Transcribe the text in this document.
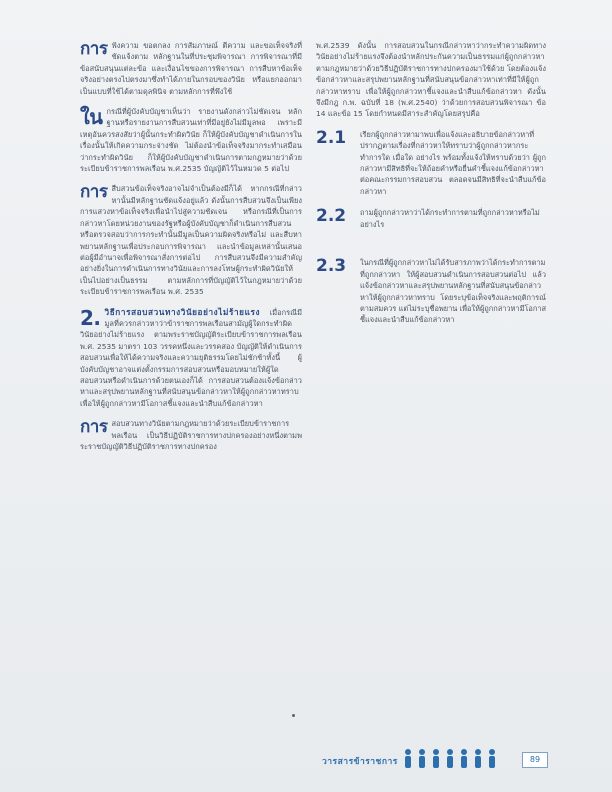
การ ฟังความ ขอตกลง การสัมภาษณ์ ตีความ และขอเท็จจริงที่ชัดแจ้งตาม หลักฐานในที่ประชุมพิจารณา การพิจารณาที่มีข้อสนับสนุนแต่ละข้อ และเงื่อนไขของการพิจารณา การสืบหาข้อเท็จจริงอย่างตรงไปตรงมาซึ่งทำได้ภายในกรอบของวินัย หรือแยกออกมาเป็นแบบที่ใช้ได้ตามดุลพินิจ ตามหลักการที่พึงใช้

ใน กรณีที่ผู้บังคับบัญชาเห็นว่า รายงานดังกล่าวไม่ชัดเจน หลักฐานหรือรายงานการสืบสวนเท่าที่มีอยู่ยังไม่มีมูลพอ เพราะมีเหตุอันควรสงสัยว่าผู้นั้นกระทำผิดวินัย ก็ให้ผู้บังคับบัญชาดำเนินการในเรื่องนั้นให้เกิดความกระจ่างชัด ไม่ต้องนำข้อเท็จจริงมากระทำเสมือนว่ากระทำผิดวินัย ก็ให้ผู้บังคับบัญชาดำเนินการตามกฎหมายว่าด้วยระเบียบข้าราชการพลเรือน พ.ศ.2535 บัญญัติไว้ในหมวด 5 ต่อไป

การ สืบสวนข้อเท็จจริงอาจไม่จำเป็นต้องมีก็ได้ หากกรณีที่กล่าวหานั้นมีหลักฐานชัดแจ้งอยู่แล้ว ดังนั้นการสืบสวนจึงเป็นเพียงการแสวงหาข้อเท็จจริงเพื่อนำไปสู่ความชัดเจน หรือกรณีที่เป็นการกล่าวหาโดยหน่วยงานของรัฐหรือผู้บังคับบัญชาก็ดำเนินการสืบสวนหรือตรวจสอบว่าการกระทำนั้นมีมูลเป็นความผิดจริงหรือไม่ และสืบหาพยานหลักฐานเพื่อประกอบการพิจารณา และนำข้อมูลเหล่านั้นเสนอต่อผู้มีอำนาจเพื่อพิจารณาสั่งการต่อไป การสืบสวนจึงมีความสำคัญอย่างยิ่งในการดำเนินการทางวินัยและการลงโทษผู้กระทำผิดวินัยให้เป็นไปอย่างเป็นธรรม ตามหลักการที่บัญญัติไว้ในกฎหมายว่าด้วยระเบียบข้าราชการพลเรือน พ.ศ. 2535

2. วิธีการสอบสวนทางวินัยอย่างไม่ร้ายแรง เมื่อกรณีมีมูลที่ควรกล่าวหาว่าข้าราชการพลเรือนสามัญผู้ใดกระทำผิดวินัยอย่างไม่ร้ายแรง ตามพระราชบัญญัติระเบียบข้าราชการพลเรือน พ.ศ. 2535 มาตรา 103 วรรคหนึ่งและวรรคสอง บัญญัติให้ดำเนินการสอบสวนเพื่อให้ได้ความจริงและความยุติธรรมโดยไม่ชักช้าทั้งนี้ ผู้บังคับบัญชาอาจแต่งตั้งกรรมการสอบสวนหรือมอบหมายให้ผู้ใดสอบสวนหรือดำเนินการด้วยตนเองก็ได้ การสอบสวนต้องแจ้งข้อกล่าวหาและสรุปพยานหลักฐานที่สนับสนุนข้อกล่าวหาให้ผู้ถูกกล่าวหาทราบ เพื่อให้ผู้ถูกกล่าวหามีโอกาสชี้แจงและนำสืบแก้ข้อกล่าวหา

การ สอบสวนทางวินัยตามกฎหมายว่าด้วยระเบียบข้าราชการพลเรือน เป็นวิธีปฏิบัติราชการทางปกครองอย่างหนึ่งตามพระราชบัญญัติวิธีปฏิบัติราชการทางปกครอง

พ.ศ.2539 ดังนั้น การสอบสวนในกรณีกล่าวหาว่ากระทำความผิดทางวินัยอย่างไม่ร้ายแรงจึงต้องนำหลักประกันความเป็นธรรมแก่ผู้ถูกกล่าวหาตามกฎหมายว่าด้วยวิธีปฏิบัติราชการทางปกครองมาใช้ด้วย โดยต้องแจ้งข้อกล่าวหาและสรุปพยานหลักฐานที่สนับสนุนข้อกล่าวหาเท่าที่มีให้ผู้ถูกกล่าวหาทราบ เพื่อให้ผู้ถูกกล่าวหาชี้แจงและนำสืบแก้ข้อกล่าวหา ดังนั้นจึงมีกฎ ก.พ. ฉบับที่ 18 (พ.ศ.2540) ว่าด้วยการสอบสวนพิจารณา ข้อ 14 และข้อ 15 โดยกำหนดมีสาระสำคัญโดยสรุปคือ

2.1 เรียกผู้ถูกกล่าวหามาพบเพื่อแจ้งและอธิบายข้อกล่าวหาที่ปรากฏตามเรื่องที่กล่าวหาให้ทราบว่าผู้ถูกกล่าวหากระทำการใด เมื่อใด อย่างไร พร้อมทั้งแจ้งให้ทราบด้วยว่า ผู้ถูกกล่าวหามีสิทธิที่จะให้ถ้อยคำหรือยื่นคำชี้แจงแก้ข้อกล่าวหาต่อคณะกรรมการสอบสวน ตลอดจนมีสิทธิที่จะนำสืบแก้ข้อกล่าวหา
2.2 ถามผู้ถูกกล่าวหาว่าได้กระทำการตามที่ถูกกล่าวหาหรือไม่ อย่างไร
2.3 ในกรณีที่ผู้ถูกกล่าวหาไม่ได้รับสารภาพว่าได้กระทำการตามที่ถูกกล่าวหา ให้ผู้สอบสวนดำเนินการสอบสวนต่อไป แล้วแจ้งข้อกล่าวหาและสรุปพยานหลักฐานที่สนับสนุนข้อกล่าวหาให้ผู้ถูกกล่าวหาทราบ โดยระบุข้อเท็จจริงและพฤติการณ์ตามสมควร แต่ไม่ระบุชื่อพยาน เพื่อให้ผู้ถูกกล่าวหามีโอกาสชี้แจงและนำสืบแก้ข้อกล่าวหา
วารสารข้าราชการ	89
